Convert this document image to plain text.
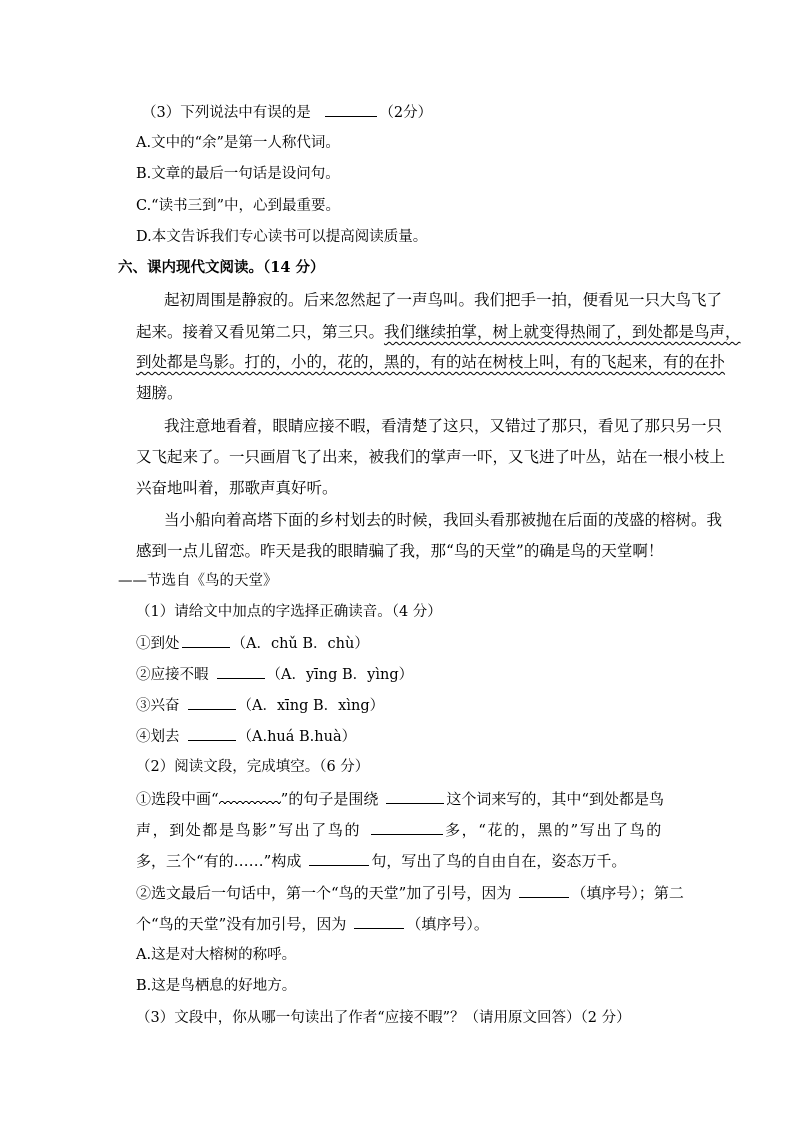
（3）下列说法中有误的是	（2分）
A.文中的“余”是第一人称代词。
B.文章的最后一句话是设问句。
C.“读书三到”中，心到最重要。
D.本文告诉我们专心读书可以提高阅读质量。
六、课内现代文阅读。（14 分）
起初周围是静寂的。后来忽然起了一声鸟叫。我们把手一拍，便看见一只大鸟飞了
起来。接着又看见第二只，第三只。我们继续拍掌，树上就变得热闹了，到处都是鸟声，
到处都是鸟影。打的，小的，花的，黑的，有的站在树枝上叫，有的飞起来，有的在扑
翅膀。
我注意地看着，眼睛应接不暇，看清楚了这只，又错过了那只，看见了那只另一只
又飞起来了。一只画眉飞了出来，被我们的掌声一吓，又飞进了叶丛，站在一根小枝上
兴奋地叫着，那歌声真好听。
当小船向着高塔下面的乡村划去的时候，我回头看那被抛在后面的茂盛的榕树。我
感到一点儿留恋。昨天是我的眼睛骗了我，那“鸟的天堂”的确是鸟的天堂啊！
——节选自《鸟的天堂》
（1）请给文中加点的字选择正确读音。（4 分）
①到处	（A．chǔ B．chù）
②应接不暇	（A．yīng B．yìng）
③兴奋	（A．xīng B．xìng）
④划去	（A.huá B.huà）
（2）阅读文段，完成填空。（6 分）
①选段中画“	”的句子是围绕	这个词来写的，其中“到处都是鸟
声，到处都是鸟影”写出了鸟的	多，“花的，黑的”写出了鸟的
多，三个“有的……”构成	句，写出了鸟的自由自在，姿态万千。
②选文最后一句话中，第一个“鸟的天堂”加了引号，因为	（填序号）；第二
个“鸟的天堂”没有加引号，因为	（填序号）。
A.这是对大榕树的称呼。
B.这是鸟栖息的好地方。
（3）文段中，你从哪一句读出了作者“应接不暇”？（请用原文回答）（2 分）
